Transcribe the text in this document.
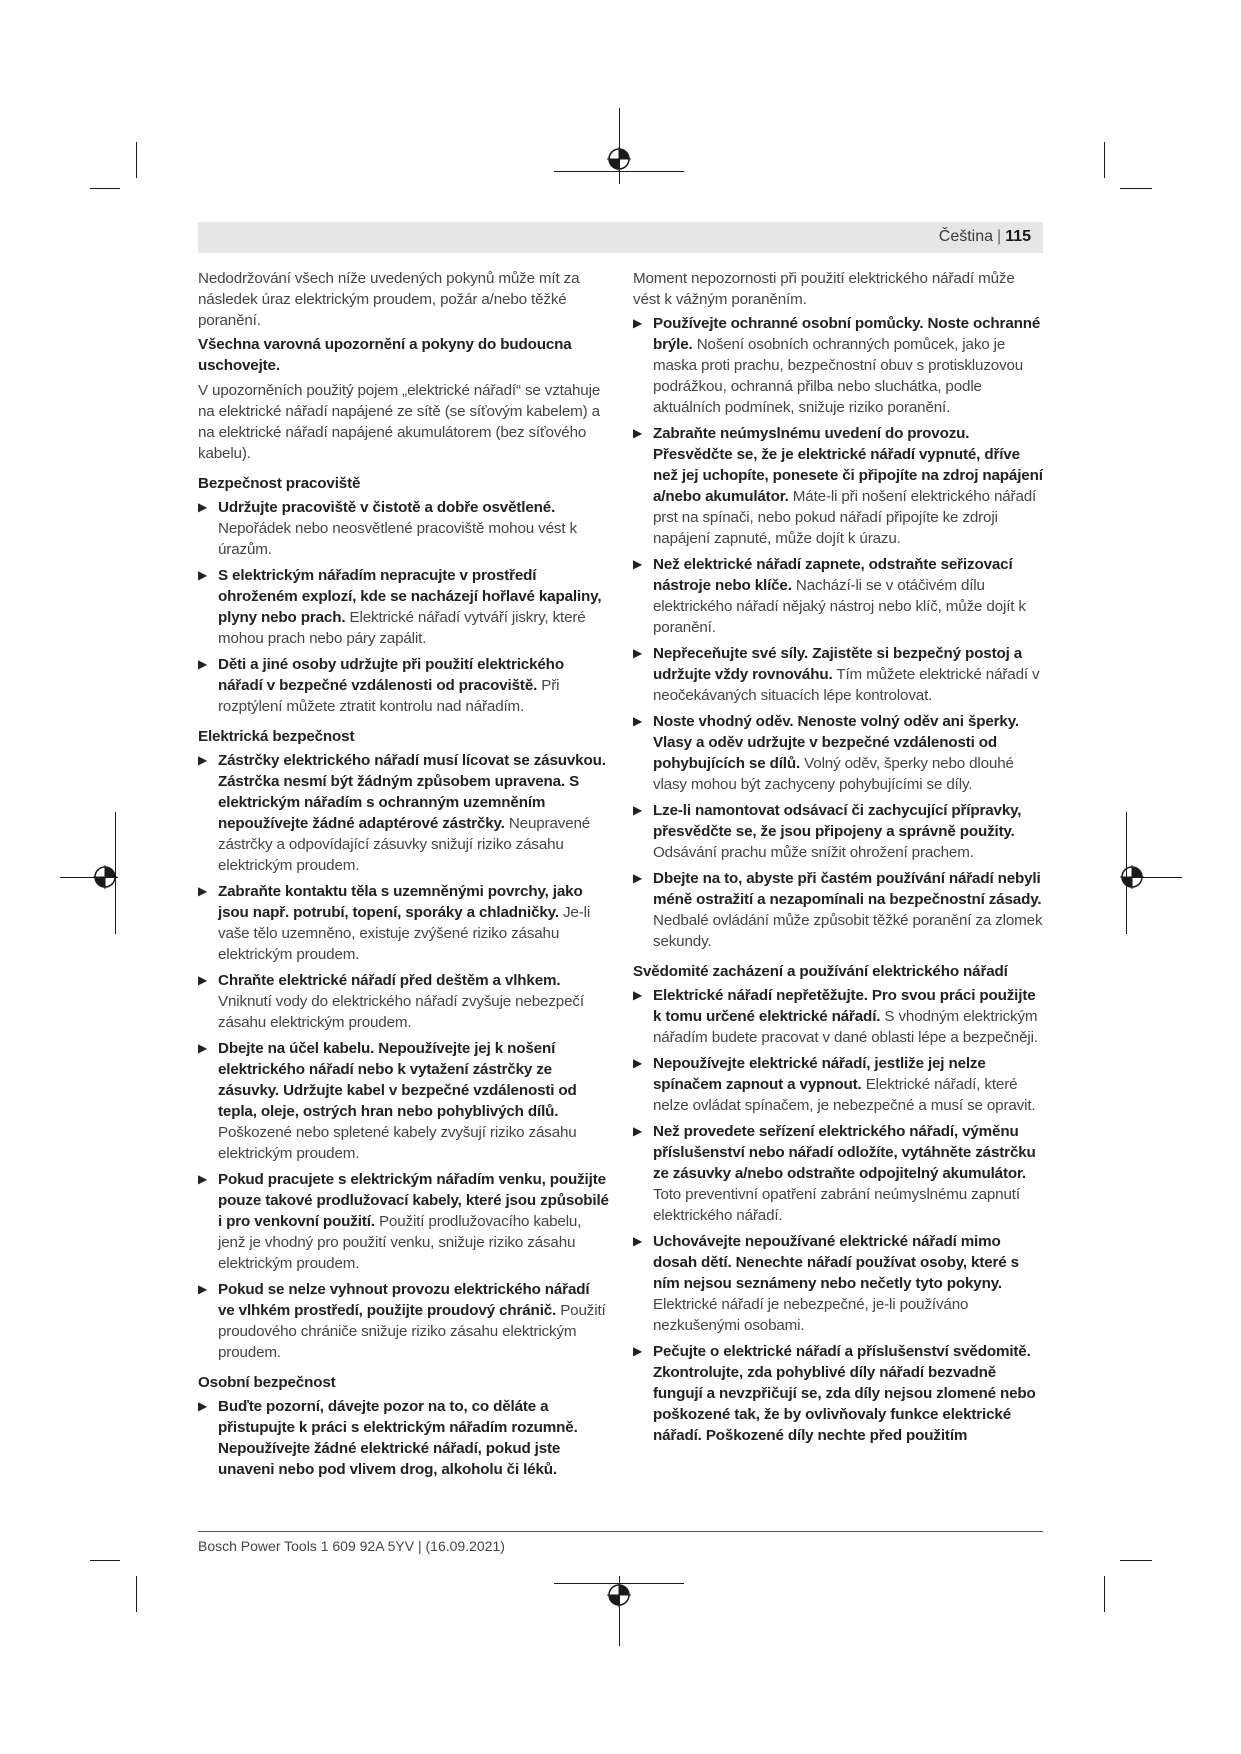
Čeština | 115

Nedodržování všech níže uvedených pokynů může mít za následek úraz elektrickým proudem, požár a/nebo těžké poranění.

Všechna varovná upozornění a pokyny do budoucna uschovejte.

V upozorněních použitý pojem „elektrické nářadí“ se vztahuje na elektrické nářadí napájené ze sítě (se síťovým kabelem) a na elektrické nářadí napájené akumulátorem (bez síťového kabelu).

Bezpečnost pracoviště
▶ Udržujte pracoviště v čistotě a dobře osvětlené. Nepořádek nebo neosvětlené pracoviště mohou vést k úrazům.
▶ S elektrickým nářadím nepracujte v prostředí ohroženém explozí, kde se nacházejí hořlavé kapaliny, plyny nebo prach. Elektrické nářadí vytváří jiskry, které mohou prach nebo páry zapálit.
▶ Děti a jiné osoby udržujte při použití elektrického nářadí v bezpečné vzdálenosti od pracoviště. Při rozptýlení můžete ztratit kontrolu nad nářadím.
Elektrická bezpečnost
▶ Zástrčky elektrického nářadí musí lícovat se zásuvkou. Zástrčka nesmí být žádným způsobem upravena. S elektrickým nářadím s ochranným uzemněním nepoužívejte žádné adaptérové zástrčky. Neupravené zástrčky a odpovídající zásuvky snižují riziko zásahu elektrickým proudem.
▶ Zabraňte kontaktu těla s uzemněnými povrchy, jako jsou např. potrubí, topení, sporáky a chladničky. Je-li vaše tělo uzemněno, existuje zvýšené riziko zásahu elektrickým proudem.
▶ Chraňte elektrické nářadí před deštěm a vlhkem. Vniknutí vody do elektrického nářadí zvyšuje nebezpečí zásahu elektrickým proudem.
▶ Dbejte na účel kabelu. Nepoužívejte jej k nošení elektrického nářadí nebo k vytažení zástrčky ze zásuvky. Udržujte kabel v bezpečné vzdálenosti od tepla, oleje, ostrých hran nebo pohyblivých dílů. Poškozené nebo spletené kabely zvyšují riziko zásahu elektrickým proudem.
▶ Pokud pracujete s elektrickým nářadím venku, použijte pouze takové prodlužovací kabely, které jsou způsobilé i pro venkovní použití. Použití prodlužovacího kabelu, jenž je vhodný pro použití venku, snižuje riziko zásahu elektrickým proudem.
▶ Pokud se nelze vyhnout provozu elektrického nářadí ve vlhkém prostředí, použijte proudový chránič. Použití proudového chrániče snižuje riziko zásahu elektrickým proudem.
Osobní bezpečnost
▶ Buďte pozorní, dávejte pozor na to, co děláte a přistupujte k práci s elektrickým nářadím rozumně. Nepoužívejte žádné elektrické nářadí, pokud jste unaveni nebo pod vlivem drog, alkoholu či léků.

Moment nepozornosti při použití elektrického nářadí může vést k vážným poraněním.

▶ Používejte ochranné osobní pomůcky. Noste ochranné brýle. Nošení osobních ochranných pomůcek, jako je maska proti prachu, bezpečnostní obuv s protiskluzovou podrážkou, ochranná přilba nebo sluchátka, podle aktuálních podmínek, snižuje riziko poranění.
▶ Zabraňte neúmyslnému uvedení do provozu. Přesvědčte se, že je elektrické nářadí vypnuté, dříve než jej uchopíte, ponesete či připojíte na zdroj napájení a/nebo akumulátor. Máte-li při nošení elektrického nářadí prst na spínači, nebo pokud nářadí připojíte ke zdroji napájení zapnuté, může dojít k úrazu.
▶ Než elektrické nářadí zapnete, odstraňte seřizovací nástroje nebo klíče. Nachází-li se v otáčivém dílu elektrického nářadí nějaký nástroj nebo klíč, může dojít k poranění.
▶ Nepřeceňujte své síly. Zajistěte si bezpečný postoj a udržujte vždy rovnováhu. Tím můžete elektrické nářadí v neočekávaných situacích lépe kontrolovat.
▶ Noste vhodný oděv. Nenoste volný oděv ani šperky. Vlasy a oděv udržujte v bezpečné vzdálenosti od pohybujících se dílů. Volný oděv, šperky nebo dlouhé vlasy mohou být zachyceny pohybujícími se díly.
▶ Lze-li namontovat odsávací či zachycující přípravky, přesvědčte se, že jsou připojeny a správně použity. Odsávání prachu může snížit ohrožení prachem.
▶ Dbejte na to, abyste při častém používání nářadí nebyli méně ostražití a nezapomínali na bezpečnostní zásady. Nedbalé ovládání může způsobit těžké poranění za zlomek sekundy.
Svědomité zacházení a používání elektrického nářadí
▶ Elektrické nářadí nepřetěžujte. Pro svou práci použijte k tomu určené elektrické nářadí. S vhodným elektrickým nářadím budete pracovat v dané oblasti lépe a bezpečněji.
▶ Nepoužívejte elektrické nářadí, jestliže jej nelze spínačem zapnout a vypnout. Elektrické nářadí, které nelze ovládat spínačem, je nebezpečné a musí se opravit.
▶ Než provedete seřízení elektrického nářadí, výměnu příslušenství nebo nářadí odložíte, vytáhněte zástrčku ze zásuvky a/nebo odstraňte odpojitelný akumulátor. Toto preventivní opatření zabrání neúmyslnému zapnutí elektrického nářadí.
▶ Uchovávejte nepoužívané elektrické nářadí mimo dosah dětí. Nenechte nářadí používat osoby, které s ním nejsou seznámeny nebo nečetly tyto pokyny. Elektrické nářadí je nebezpečné, je-li používáno nezkušenými osobami.
▶ Pečujte o elektrické nářadí a příslušenství svědomitě. Zkontrolujte, zda pohyblivé díly nářadí bezvadně fungují a nevzpřičují se, zda díly nejsou zlomené nebo poškozené tak, že by ovlivňovaly funkce elektrické nářadí. Poškozené díly nechte před použitím
Bosch Power Tools 1 609 92A 5YV | (16.09.2021)
